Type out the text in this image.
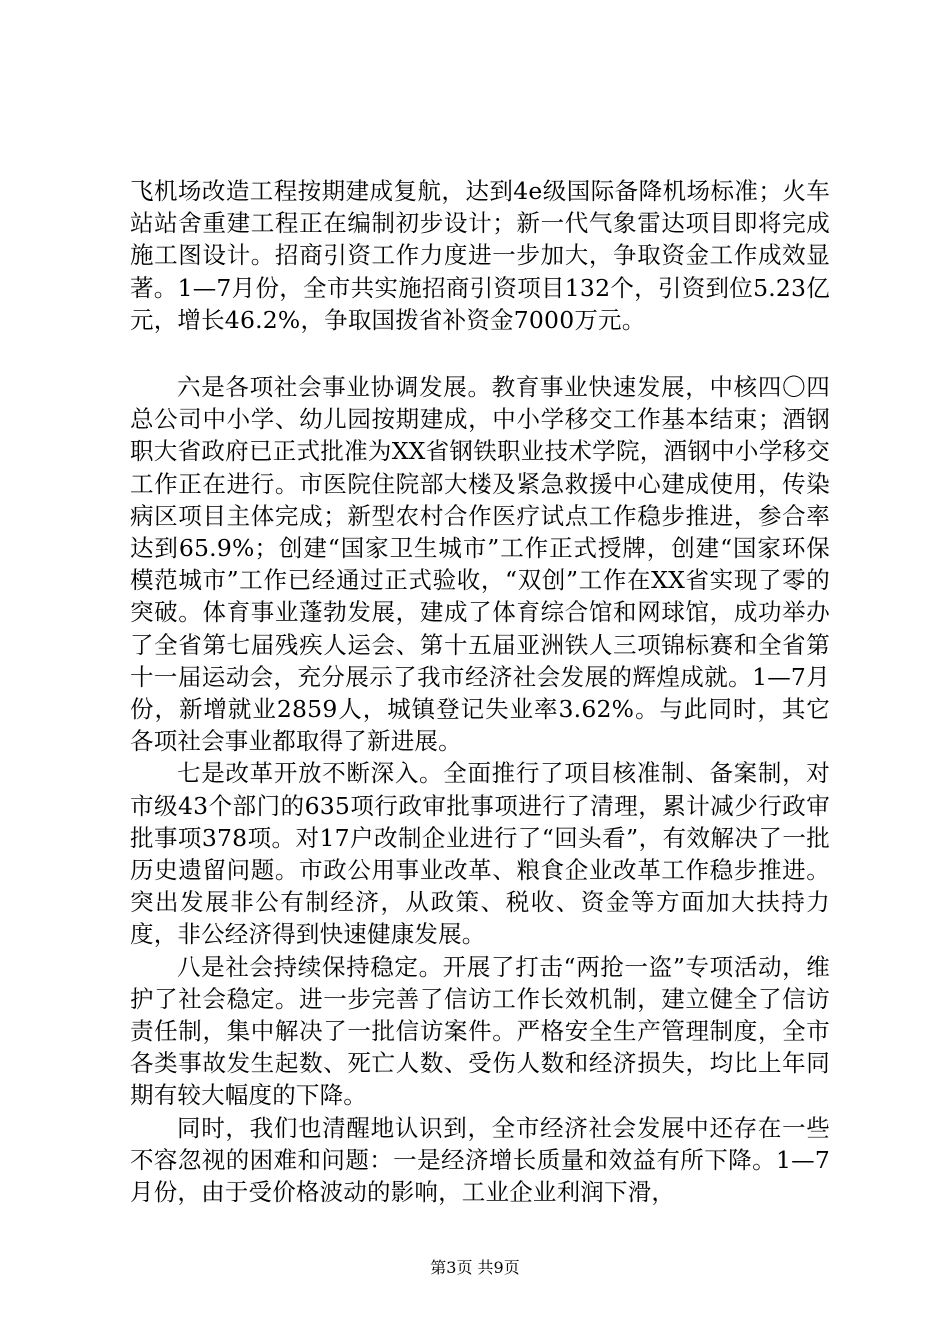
飞机场改造工程按期建成复航，达到4e级国际备降机场标准；火车站站舍重建工程正在编制初步设计；新一代气象雷达项目即将完成施工图设计。招商引资工作力度进一步加大，争取资金工作成效显著。1—7月份，全市共实施招商引资项目132个，引资到位5.23亿元，增长46.2%，争取国拨省补资金7000万元。

六是各项社会事业协调发展。教育事业快速发展，中核四〇四总公司中小学、幼儿园按期建成，中小学移交工作基本结束；酒钢职大省政府已正式批准为XX省钢铁职业技术学院，酒钢中小学移交工作正在进行。市医院住院部大楼及紧急救援中心建成使用，传染病区项目主体完成；新型农村合作医疗试点工作稳步推进，参合率达到65.9%；创建“国家卫生城市”工作正式授牌，创建“国家环保模范城市”工作已经通过正式验收，“双创”工作在XX省实现了零的突破。体育事业蓬勃发展，建成了体育综合馆和网球馆，成功举办了全省第七届残疾人运会、第十五届亚洲铁人三项锦标赛和全省第十一届运动会，充分展示了我市经济社会发展的辉煌成就。1—7月份，新增就业2859人，城镇登记失业率3.62%。与此同时，其它各项社会事业都取得了新进展。

七是改革开放不断深入。全面推行了项目核准制、备案制，对市级43个部门的635项行政审批事项进行了清理，累计减少行政审批事项378项。对17户改制企业进行了“回头看”，有效解决了一批历史遗留问题。市政公用事业改革、粮食企业改革工作稳步推进。突出发展非公有制经济，从政策、税收、资金等方面加大扶持力度，非公经济得到快速健康发展。

八是社会持续保持稳定。开展了打击“两抢一盗”专项活动，维护了社会稳定。进一步完善了信访工作长效机制，建立健全了信访责任制，集中解决了一批信访案件。严格安全生产管理制度，全市各类事故发生起数、死亡人数、受伤人数和经济损失，均比上年同期有较大幅度的下降。

同时，我们也清醒地认识到，全市经济社会发展中还存在一些不容忽视的困难和问题：一是经济增长质量和效益有所下降。1—7月份，由于受价格波动的影响，工业企业利润下滑，

第3页 共9页
